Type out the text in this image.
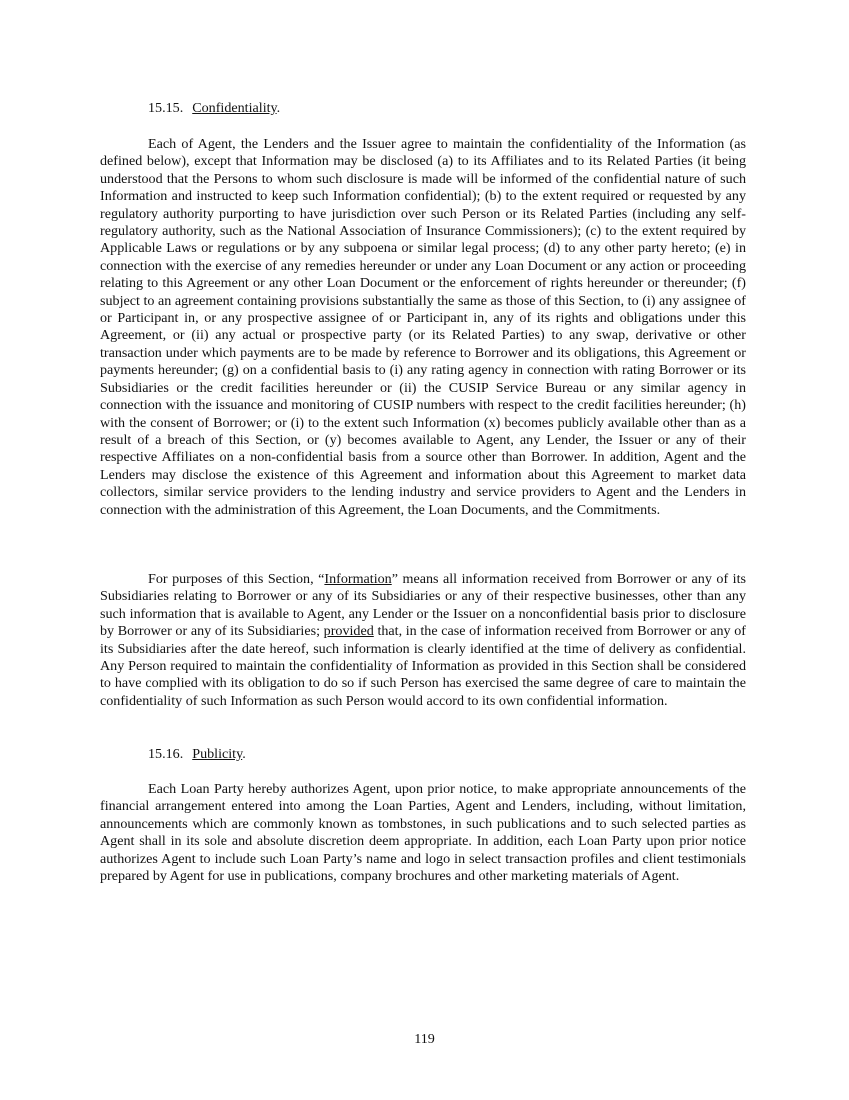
15.15. Confidentiality.

Each of Agent, the Lenders and the Issuer agree to maintain the confidentiality of the Information (as defined below), except that Information may be disclosed (a) to its Affiliates and to its Related Parties (it being understood that the Persons to whom such disclosure is made will be informed of the confidential nature of such Information and instructed to keep such Information confidential); (b) to the extent required or requested by any regulatory authority purporting to have jurisdiction over such Person or its Related Parties (including any self-regulatory authority, such as the National Association of Insurance Commissioners); (c) to the extent required by Applicable Laws or regulations or by any subpoena or similar legal process; (d) to any other party hereto; (e) in connection with the exercise of any remedies hereunder or under any Loan Document or any action or proceeding relating to this Agreement or any other Loan Document or the enforcement of rights hereunder or thereunder; (f) subject to an agreement containing provisions substantially the same as those of this Section, to (i) any assignee of or Participant in, or any prospective assignee of or Participant in, any of its rights and obligations under this Agreement, or (ii) any actual or prospective party (or its Related Parties) to any swap, derivative or other transaction under which payments are to be made by reference to Borrower and its obligations, this Agreement or payments hereunder; (g) on a confidential basis to (i) any rating agency in connection with rating Borrower or its Subsidiaries or the credit facilities hereunder or (ii) the CUSIP Service Bureau or any similar agency in connection with the issuance and monitoring of CUSIP numbers with respect to the credit facilities hereunder; (h) with the consent of Borrower; or (i) to the extent such Information (x) becomes publicly available other than as a result of a breach of this Section, or (y) becomes available to Agent, any Lender, the Issuer or any of their respective Affiliates on a non-confidential basis from a source other than Borrower. In addition, Agent and the Lenders may disclose the existence of this Agreement and information about this Agreement to market data collectors, similar service providers to the lending industry and service providers to Agent and the Lenders in connection with the administration of this Agreement, the Loan Documents, and the Commitments.

For purposes of this Section, “Information” means all information received from Borrower or any of its Subsidiaries relating to Borrower or any of its Subsidiaries or any of their respective businesses, other than any such information that is available to Agent, any Lender or the Issuer on a nonconfidential basis prior to disclosure by Borrower or any of its Subsidiaries; provided that, in the case of information received from Borrower or any of its Subsidiaries after the date hereof, such information is clearly identified at the time of delivery as confidential. Any Person required to maintain the confidentiality of Information as provided in this Section shall be considered to have complied with its obligation to do so if such Person has exercised the same degree of care to maintain the confidentiality of such Information as such Person would accord to its own confidential information.

15.16. Publicity.

Each Loan Party hereby authorizes Agent, upon prior notice, to make appropriate announcements of the financial arrangement entered into among the Loan Parties, Agent and Lenders, including, without limitation, announcements which are commonly known as tombstones, in such publications and to such selected parties as Agent shall in its sole and absolute discretion deem appropriate. In addition, each Loan Party upon prior notice authorizes Agent to include such Loan Party’s name and logo in select transaction profiles and client testimonials prepared by Agent for use in publications, company brochures and other marketing materials of Agent.

119
